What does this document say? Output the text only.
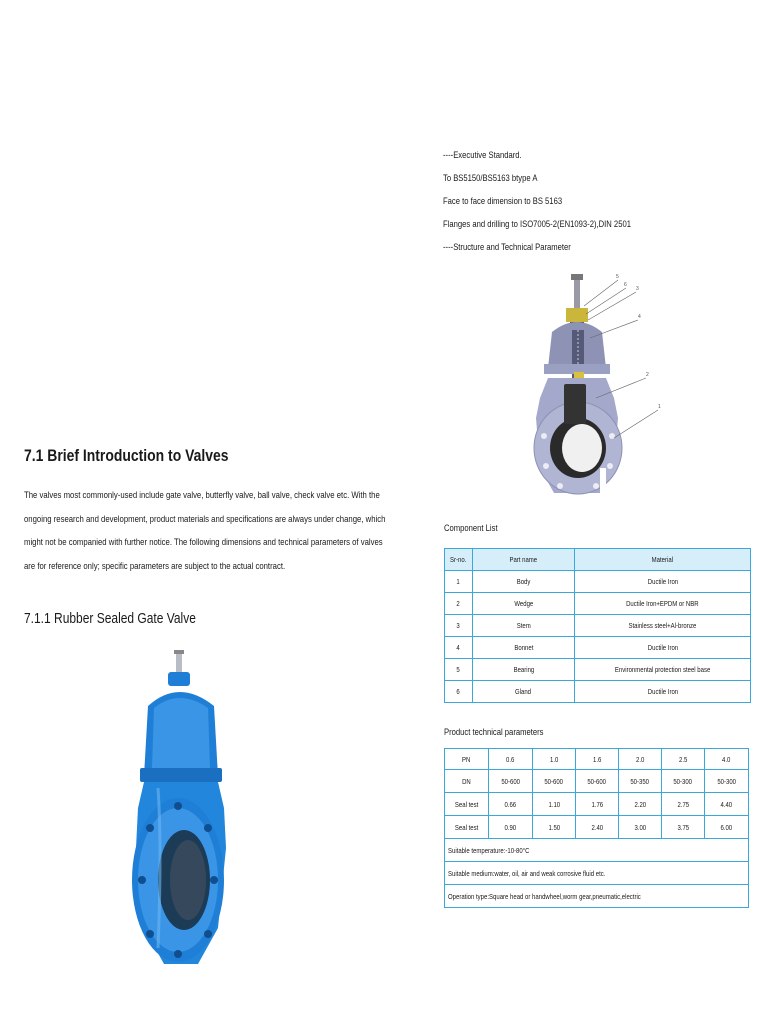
----Executive Standard.
To BS5150/BS5163 btype A
Face to face dimension to BS 5163
Flanges and drilling to ISO7005-2(EN1093-2),DIN 2501
----Structure and Technical Parameter
5
6
3
4
2
1
7.1 Brief Introduction to Valves
The valves most commonly-used include gate valve, butterfly valve, ball valve, check valve etc. With the
ongoing research and development, product materials and specifications are always under change, which
might not be companied with further notice. The following dimensions and technical parameters of valves
are for reference only; specific parameters are subject to the actual contract.
7.1.1 Rubber Sealed Gate Valve
Component List
Sr-no.	Part name	Material
1	Body	Ductile Iron
2	Wedge	Ductile Iron+EPDM or NBR
3	Stem	Stainless steel+Al-bronze
4	Bonnet	Ductile Iron
5	Bearing	Environmental protection steel base
6	Gland	Ductile Iron
Product technical parameters
PN	0.6	1.0	1.6	2.0	2.5	4.0
DN	50-600	50-600	50-600	50-350	50-300	50-300
Seal test	0.66	1.10	1.76	2.20	2.75	4.40
Seal test	0.90	1.50	2.40	3.00	3.75	6.00
Suitable temperature:-10-80°C						
Suitable medium:water, oil, air and weak corrosive fluid etc.						
Operation type:Square head or handwheel,worm gear,pneumatic,electric						
